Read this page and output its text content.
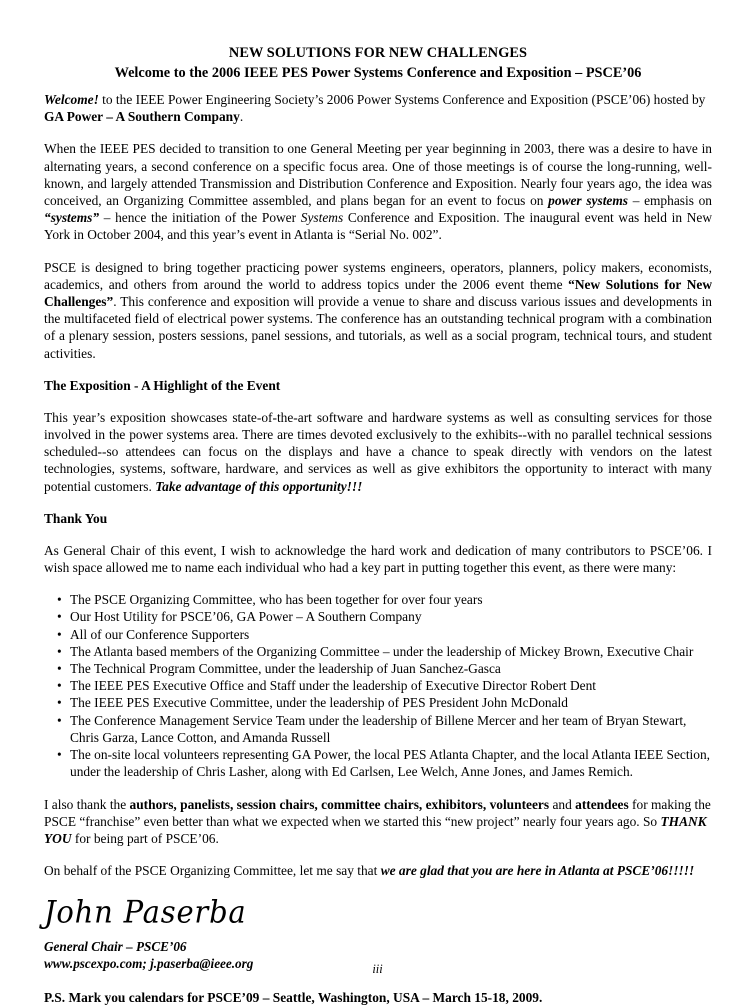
NEW SOLUTIONS FOR NEW CHALLENGES
Welcome to the 2006 IEEE PES Power Systems Conference and Exposition – PSCE’06

Welcome! to the IEEE Power Engineering Society’s 2006 Power Systems Conference and Exposition (PSCE’06) hosted by GA Power – A Southern Company.

When the IEEE PES decided to transition to one General Meeting per year beginning in 2003, there was a desire to have in alternating years, a second conference on a specific focus area. One of those meetings is of course the long-running, well-known, and largely attended Transmission and Distribution Conference and Exposition. Nearly four years ago, the idea was conceived, an Organizing Committee assembled, and plans began for an event to focus on power systems – emphasis on “systems” – hence the initiation of the Power Systems Conference and Exposition. The inaugural event was held in New York in October 2004, and this year’s event in Atlanta is “Serial No. 002”.

PSCE is designed to bring together practicing power systems engineers, operators, planners, policy makers, economists, academics, and others from around the world to address topics under the 2006 event theme “New Solutions for New Challenges”. This conference and exposition will provide a venue to share and discuss various issues and developments in the multifaceted field of electrical power systems. The conference has an outstanding technical program with a combination of a plenary session, posters sessions, panel sessions, and tutorials, as well as a social program, technical tours, and student activities.

The Exposition - A Highlight of the Event

This year’s exposition showcases state-of-the-art software and hardware systems as well as consulting services for those involved in the power systems area. There are times devoted exclusively to the exhibits--with no parallel technical sessions scheduled--so attendees can focus on the displays and have a chance to speak directly with vendors on the latest technologies, systems, software, hardware, and services as well as give exhibitors the opportunity to interact with many potential customers. Take advantage of this opportunity!!!

Thank You

As General Chair of this event, I wish to acknowledge the hard work and dedication of many contributors to PSCE’06. I wish space allowed me to name each individual who had a key part in putting together this event, as there were many:

• The PSCE Organizing Committee, who has been together for over four years
• Our Host Utility for PSCE’06, GA Power – A Southern Company
• All of our Conference Supporters
• The Atlanta based members of the Organizing Committee – under the leadership of Mickey Brown, Executive Chair
• The Technical Program Committee, under the leadership of Juan Sanchez-Gasca
• The IEEE PES Executive Office and Staff under the leadership of Executive Director Robert Dent
• The IEEE PES Executive Committee, under the leadership of PES President John McDonald
• The Conference Management Service Team under the leadership of Billene Mercer and her team of Bryan Stewart, Chris Garza, Lance Cotton, and Amanda Russell
• The on-site local volunteers representing GA Power, the local PES Atlanta Chapter, and the local Atlanta IEEE Section, under the leadership of Chris Lasher, along with Ed Carlsen, Lee Welch, Anne Jones, and James Remich.

I also thank the authors, panelists, session chairs, committee chairs, exhibitors, volunteers and attendees for making the PSCE “franchise” even better than what we expected when we started this “new project” nearly four years ago. So THANK YOU for being part of PSCE’06.

On behalf of the PSCE Organizing Committee, let me say that we are glad that you are here in Atlanta at PSCE’06!!!!!

John Paserba

General Chair – PSCE’06

www.pscexpo.com; j.paserba@ieee.org

P.S. Mark you calendars for PSCE’09 – Seattle, Washington, USA – March 15-18, 2009.

iii
